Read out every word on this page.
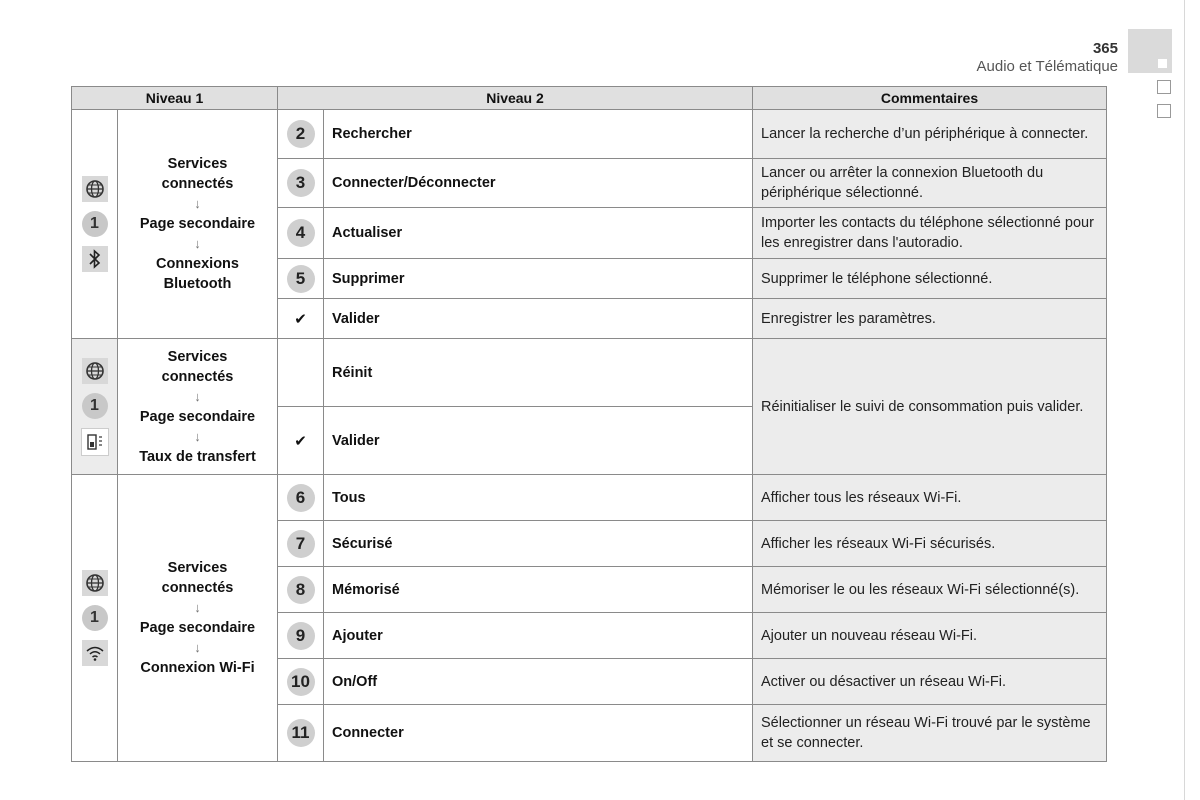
365
Audio et Télématique
Niveau 1		Niveau 2		Commentaires

1	Services connectés
↓
Page secondaire
↓
Connexions Bluetooth	2	Rechercher	Lancer la recherche d’un périphérique à connecter.

3	Connecter/Déconnecter	Lancer ou arrêter la connexion Bluetooth du périphérique sélectionné.

4	Actualiser	Importer les contacts du téléphone sélectionné pour les enregistrer dans l'autoradio.

5	Supprimer	Supprimer le téléphone sélectionné.
		✔	Valider	Enregistrer les paramètres.

1	Services connectés
↓
Page secondaire
↓
Taux de transfert		Réinit	Réinitialiser le suivi de consommation puis valider.
		✔	Valider	

1	Services connectés
↓
Page secondaire
↓
Connexion Wi-Fi	6	Tous	Afficher tous les réseaux Wi-Fi.

7	Sécurisé	Afficher les réseaux Wi-Fi sécurisés.

8	Mémorisé	Mémoriser le ou les réseaux Wi-Fi sélectionné(s).

9	Ajouter	Ajouter un nouveau réseau Wi-Fi.

10	On/Off	Activer ou désactiver un réseau Wi-Fi.

11	Connecter	Sélectionner un réseau Wi-Fi trouvé par le système et se connecter.
